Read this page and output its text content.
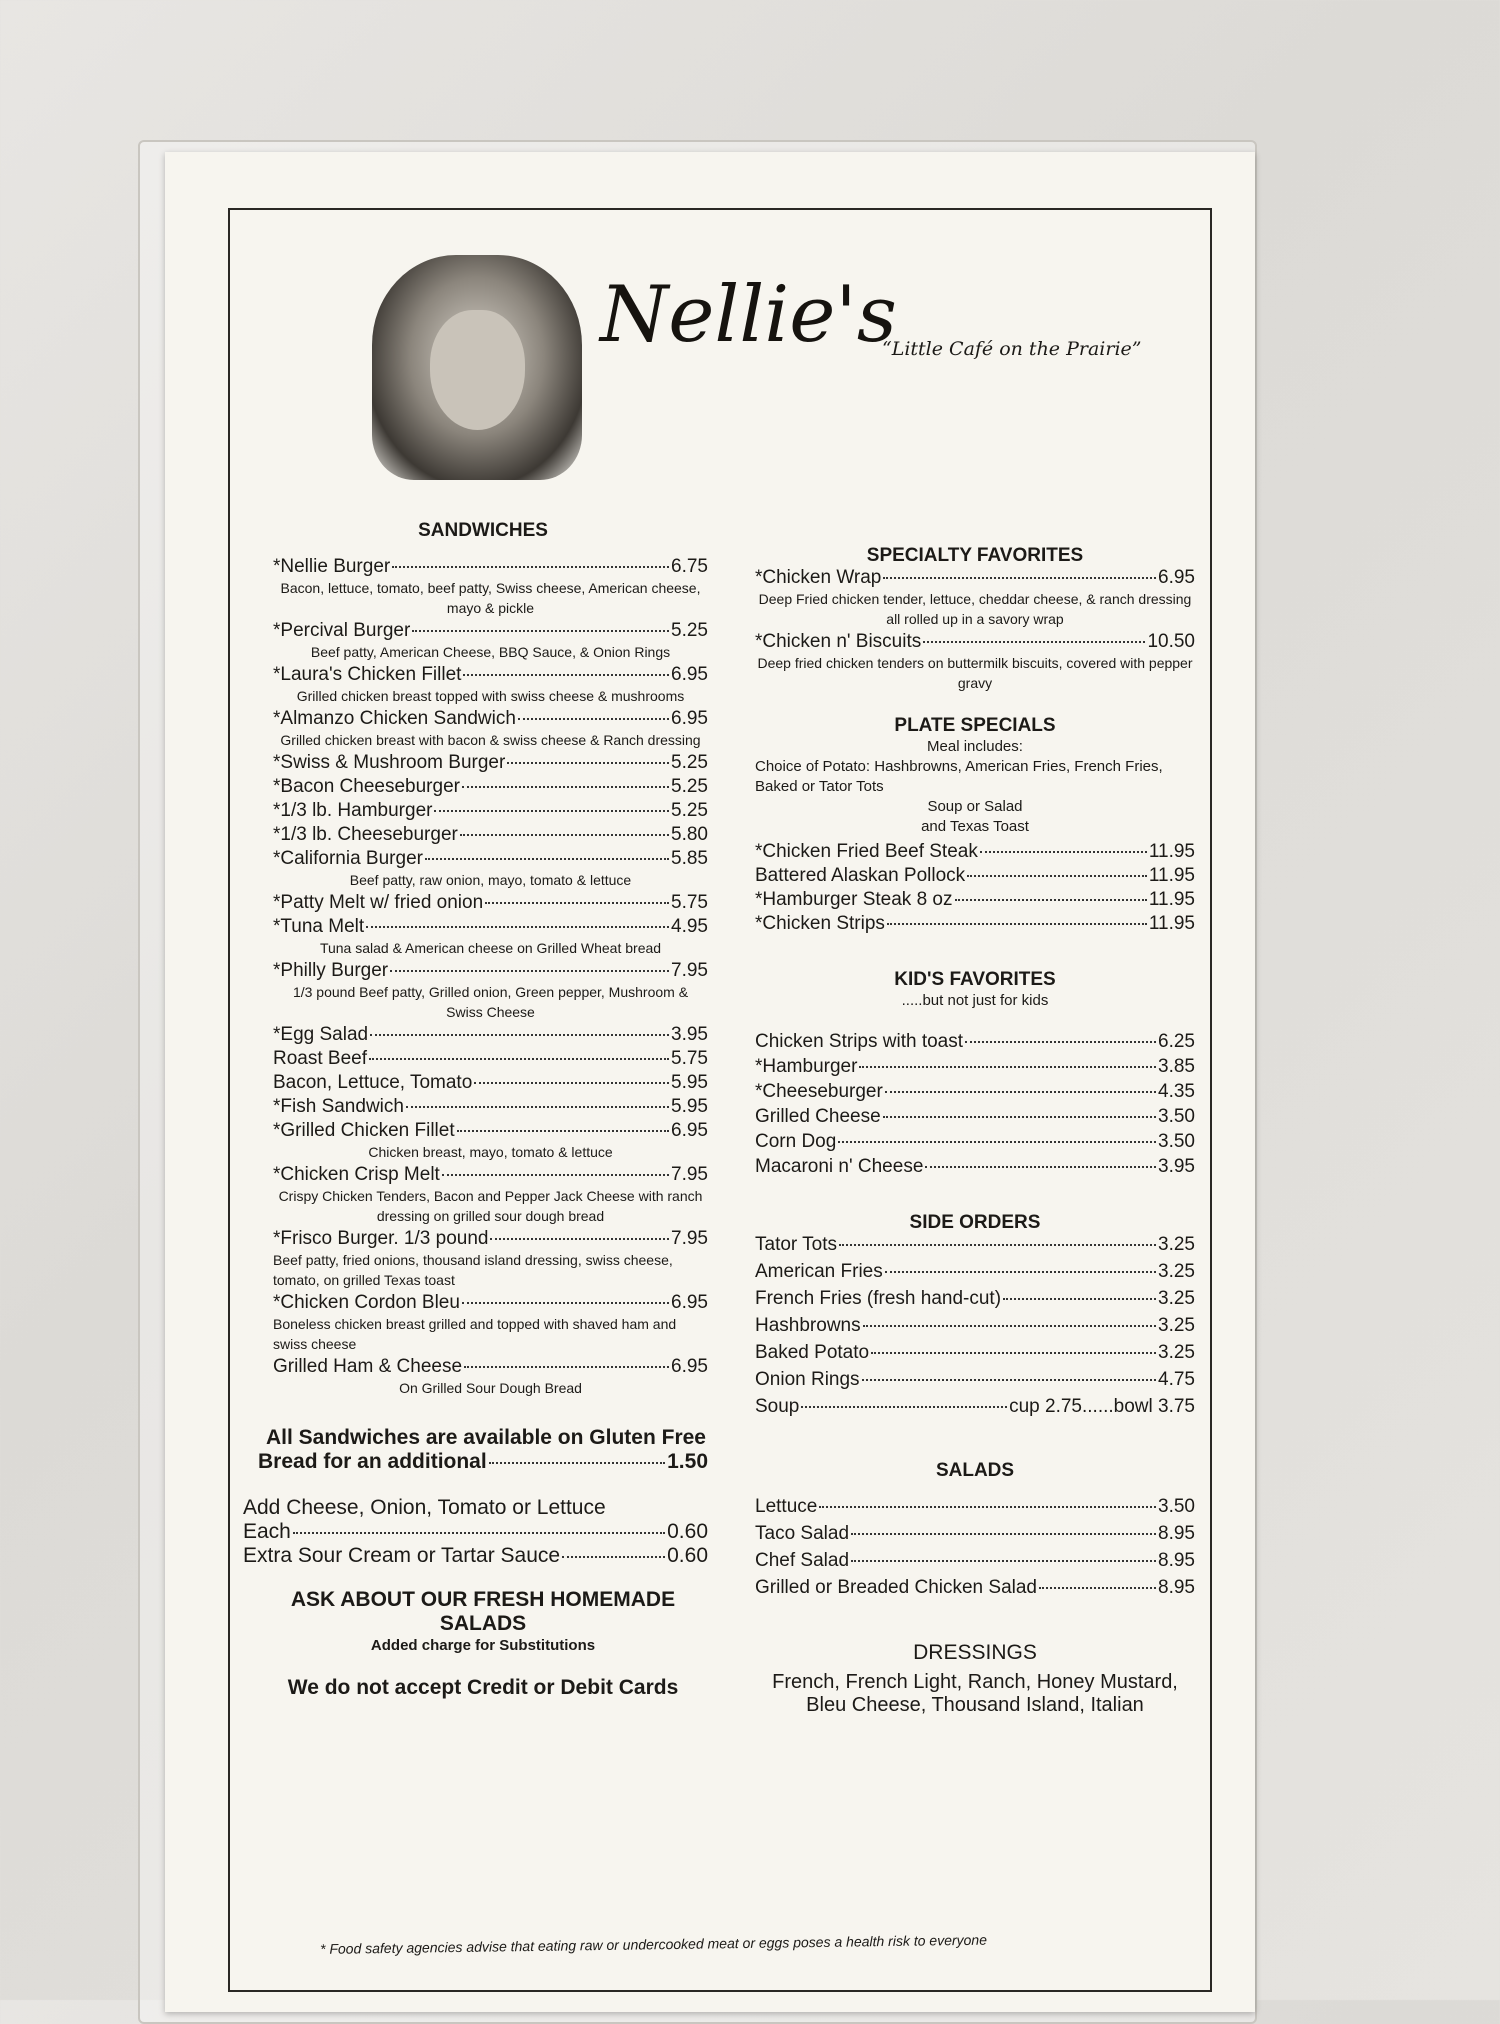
Nellie's
“Little Café on the Prairie”
SANDWICHES
*Nellie Burger	6.75
Bacon, lettuce, tomato, beef patty, Swiss cheese, American cheese, mayo & pickle
*Percival Burger	5.25
Beef patty, American Cheese, BBQ Sauce, & Onion Rings
*Laura's Chicken Fillet	6.95
Grilled chicken breast topped with swiss cheese & mushrooms
*Almanzo Chicken Sandwich	6.95
Grilled chicken breast with bacon & swiss cheese & Ranch dressing
*Swiss & Mushroom Burger	5.25
*Bacon Cheeseburger	5.25
*1/3 lb. Hamburger	5.25
*1/3 lb. Cheeseburger	5.80
*California Burger	5.85
Beef patty, raw onion, mayo, tomato & lettuce
*Patty Melt w/ fried onion	5.75
*Tuna Melt	4.95
Tuna salad & American cheese on Grilled Wheat bread
*Philly Burger	7.95
1/3 pound Beef patty, Grilled onion, Green pepper, Mushroom & Swiss Cheese
*Egg Salad	3.95
Roast Beef	5.75
Bacon, Lettuce, Tomato	5.95
*Fish Sandwich	5.95
*Grilled Chicken Fillet	6.95
Chicken breast, mayo, tomato & lettuce
*Chicken Crisp Melt	7.95
Crispy Chicken Tenders, Bacon and Pepper Jack Cheese with ranch dressing on grilled sour dough bread
*Frisco Burger. 1/3 pound	7.95
Beef patty, fried onions, thousand island dressing, swiss cheese, tomato, on grilled Texas toast
*Chicken Cordon Bleu	6.95
Boneless chicken breast grilled and topped with shaved ham and swiss cheese
Grilled Ham & Cheese	6.95
On Grilled Sour Dough Bread
All Sandwiches are available on Gluten Free
Bread for an additional	1.50
Add Cheese, Onion, Tomato or Lettuce
Each	0.60
Extra Sour Cream or Tartar Sauce	0.60
ASK ABOUT OUR FRESH HOMEMADE SALADS
Added charge for Substitutions
We do not accept Credit or Debit Cards
SPECIALTY FAVORITES
*Chicken Wrap	6.95
Deep Fried chicken tender, lettuce, cheddar cheese, & ranch dressing all rolled up in a savory wrap
*Chicken n' Biscuits	10.50
Deep fried chicken tenders on buttermilk biscuits, covered with pepper gravy
PLATE SPECIALS
Meal includes:
Choice of Potato: Hashbrowns, American Fries, French Fries, Baked or Tator Tots
Soup or Salad
and Texas Toast
*Chicken Fried Beef Steak	11.95
Battered Alaskan Pollock	11.95
*Hamburger Steak 8 oz	11.95
*Chicken Strips	11.95
KID'S FAVORITES
.....but not just for kids
Chicken Strips with toast	6.25
*Hamburger	3.85
*Cheeseburger	4.35
Grilled Cheese	3.50
Corn Dog	3.50
Macaroni n' Cheese	3.95
SIDE ORDERS
Tator Tots	3.25
American Fries	3.25
French Fries (fresh hand-cut)	3.25
Hashbrowns	3.25
Baked Potato	3.25
Onion Rings	4.75
Soup	cup 2.75......bowl 3.75
SALADS
Lettuce	3.50
Taco Salad	8.95
Chef Salad	8.95
Grilled or Breaded Chicken Salad	8.95
DRESSINGS
French, French Light, Ranch, Honey Mustard,
Bleu Cheese, Thousand Island, Italian
* Food safety agencies advise that eating raw or undercooked meat or eggs poses a health risk to everyone
